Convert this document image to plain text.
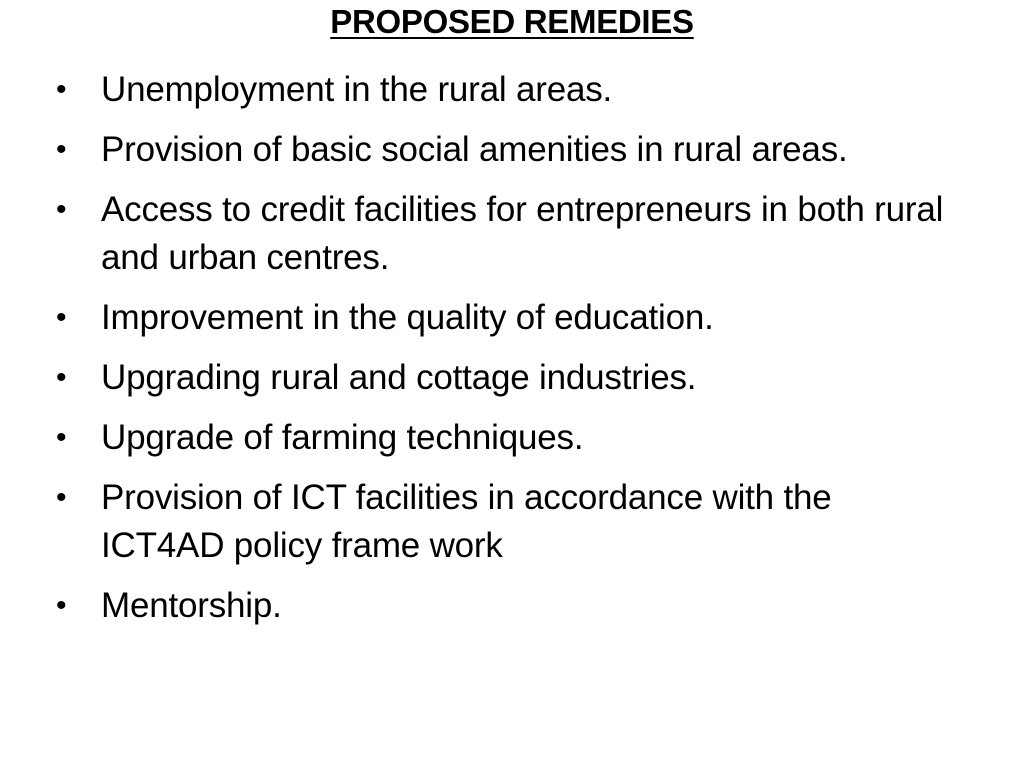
PROPOSED REMEDIES
• Unemployment in the rural areas.
• Provision of basic social amenities in rural areas.
• Access to credit facilities for entrepreneurs in both rural and urban centres.
• Improvement in the quality of education.
• Upgrading rural and cottage industries.
• Upgrade of farming techniques.
• Provision of ICT facilities in accordance with the ICT4AD policy frame work
• Mentorship.
